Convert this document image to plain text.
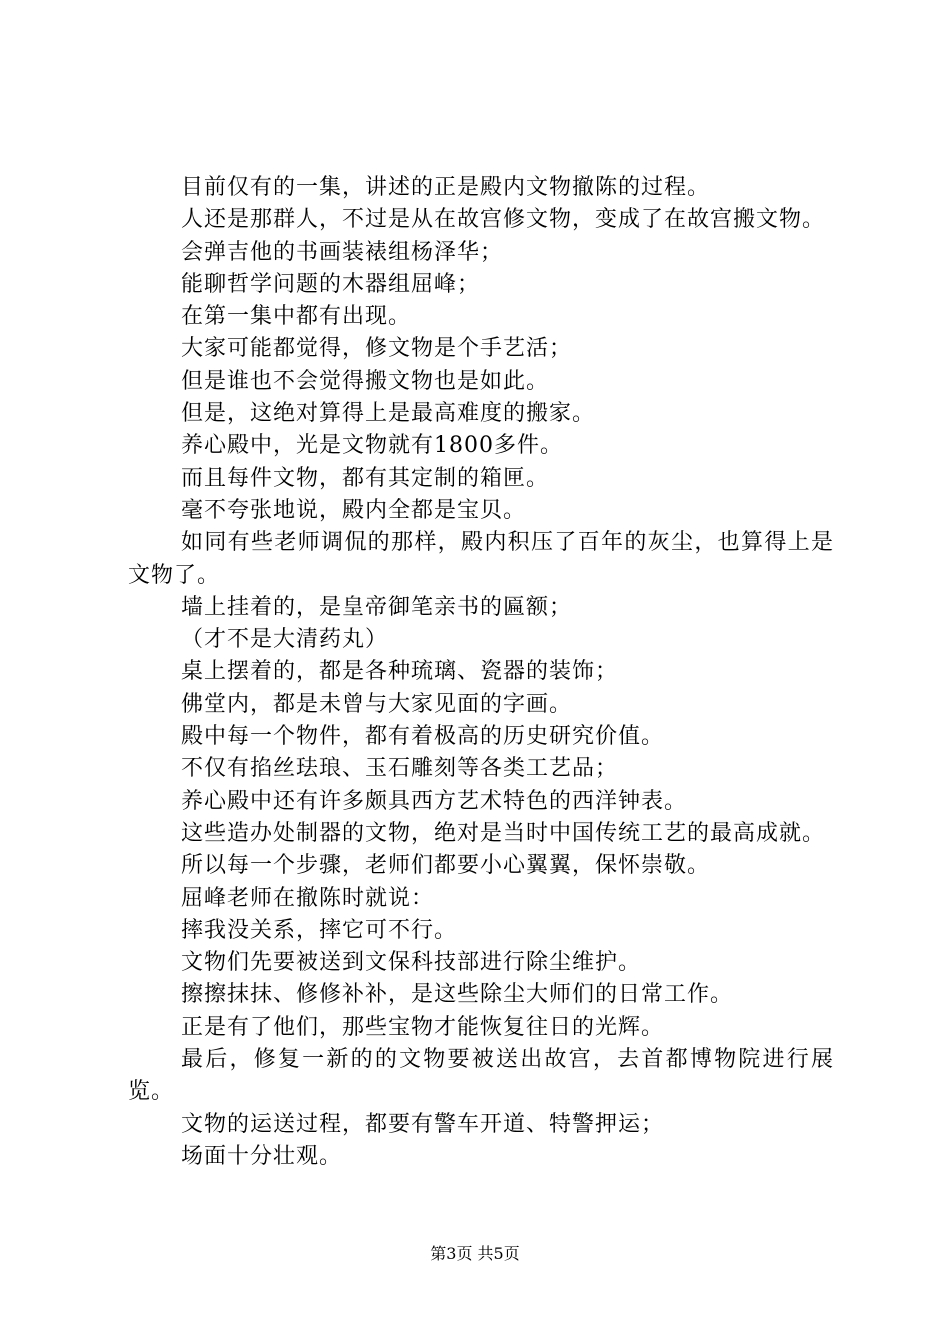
目前仅有的一集，讲述的正是殿内文物撤陈的过程。

人还是那群人，不过是从在故宫修文物，变成了在故宫搬文物。

会弹吉他的书画装裱组杨泽华；

能聊哲学问题的木器组屈峰；

在第一集中都有出现。

大家可能都觉得，修文物是个手艺活；

但是谁也不会觉得搬文物也是如此。

但是，这绝对算得上是最高难度的搬家。

养心殿中，光是文物就有1800多件。

而且每件文物，都有其定制的箱匣。

毫不夸张地说，殿内全都是宝贝。

如同有些老师调侃的那样，殿内积压了百年的灰尘，也算得上是文物了。

墙上挂着的，是皇帝御笔亲书的匾额；

（才不是大清药丸）

桌上摆着的，都是各种琉璃、瓷器的装饰；

佛堂内，都是未曾与大家见面的字画。

殿中每一个物件，都有着极高的历史研究价值。

不仅有掐丝珐琅、玉石雕刻等各类工艺品；

养心殿中还有许多颇具西方艺术特色的西洋钟表。

这些造办处制器的文物，绝对是当时中国传统工艺的最高成就。

所以每一个步骤，老师们都要小心翼翼，保怀崇敬。

屈峰老师在撤陈时就说：

摔我没关系，摔它可不行。

文物们先要被送到文保科技部进行除尘维护。

擦擦抹抹、修修补补，是这些除尘大师们的日常工作。

正是有了他们，那些宝物才能恢复往日的光辉。

最后，修复一新的的文物要被送出故宫，去首都博物院进行展览。

文物的运送过程，都要有警车开道、特警押运；

场面十分壮观。

第3页 共5页
